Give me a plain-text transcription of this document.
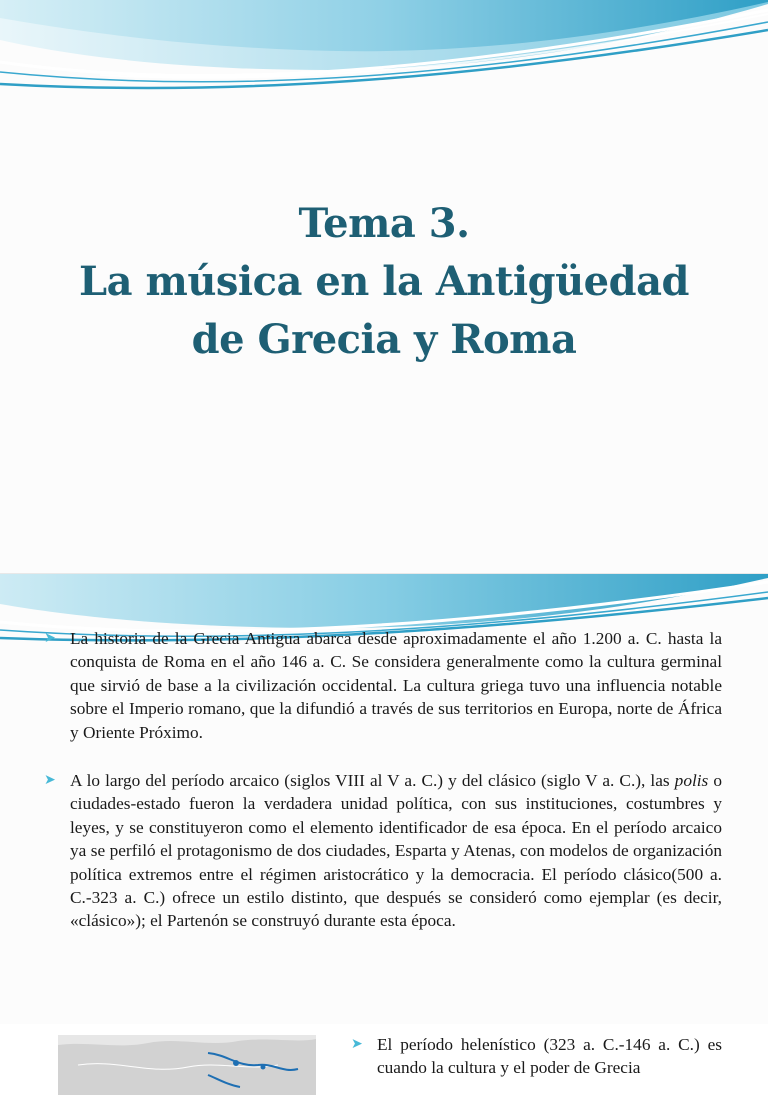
Tema 3.
La música en la Antigüedad
de Grecia y Roma
➤ La historia de la Grecia Antigua abarca desde aproximadamente el año 1.200 a. C. hasta la conquista de Roma en el año 146 a. C. Se considera generalmente como la cultura germinal que sirvió de base a la civilización occidental. La cultura griega tuvo una influencia notable sobre el Imperio romano, que la difundió a través de sus territorios en Europa, norte de África y Oriente Próximo.
➤ A lo largo del período arcaico (siglos VIII al V a. C.) y del clásico (siglo V a. C.), las polis o ciudades-estado fueron la verdadera unidad política, con sus instituciones, costumbres y leyes, y se constituyeron como el elemento identificador de esa época. En el período arcaico ya se perfiló el protagonismo de dos ciudades, Esparta y Atenas, con modelos de organización política extremos entre el régimen aristocrático y la democracia. El período clásico(500 a. C.-323 a. C.) ofrece un estilo distinto, que después se consideró como ejemplar (es decir, «clásico»); el Partenón se construyó durante esta época.
➤ El período helenístico (323 a. C.-146 a. C.) es cuando la cultura y el poder de Grecia
